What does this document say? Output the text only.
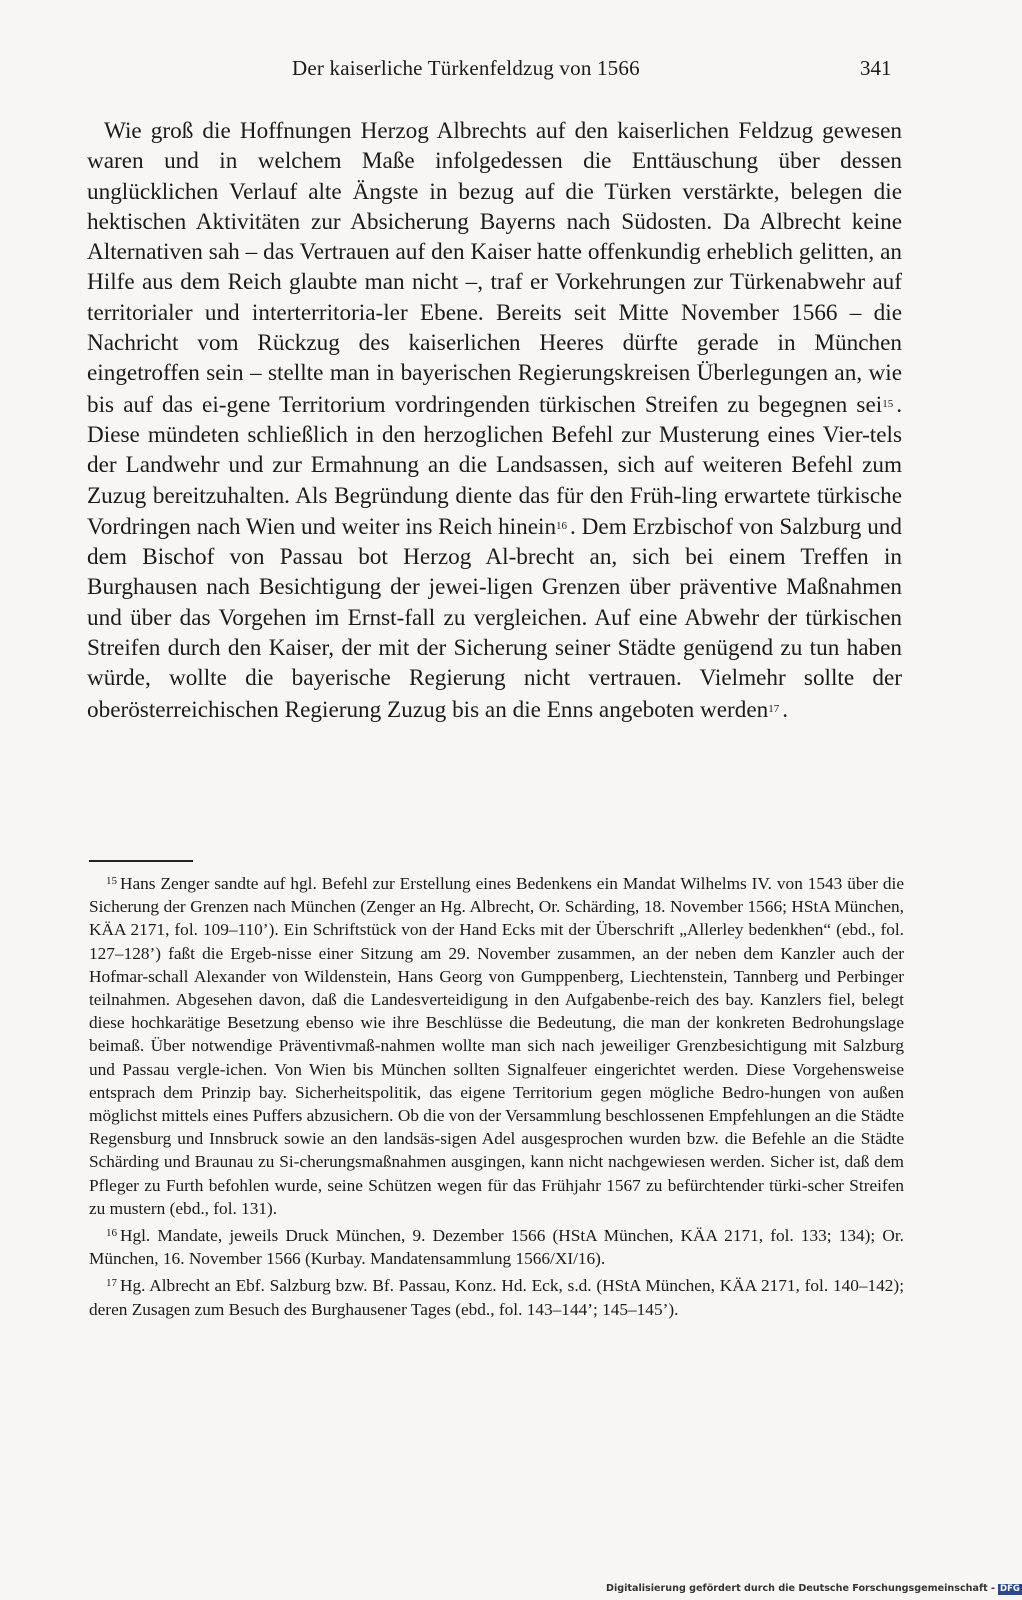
Der kaiserliche Türkenfeldzug von 1566	341

Wie groß die Hoffnungen Herzog Albrechts auf den kaiserlichen Feldzug gewesen waren und in welchem Maße infolgedessen die Enttäuschung über dessen unglücklichen Verlauf alte Ängste in bezug auf die Türken verstärkte, belegen die hektischen Aktivitäten zur Absicherung Bayerns nach Südosten. Da Albrecht keine Alternativen sah – das Vertrauen auf den Kaiser hatte offenkundig erheblich gelitten, an Hilfe aus dem Reich glaubte man nicht –, traf er Vorkehrungen zur Türkenabwehr auf territorialer und interterritoria-ler Ebene. Bereits seit Mitte November 1566 – die Nachricht vom Rückzug des kaiserlichen Heeres dürfte gerade in München eingetroffen sein – stellte man in bayerischen Regierungskreisen Überlegungen an, wie bis auf das ei-gene Territorium vordringenden türkischen Streifen zu begegnen sei$^{15}$ . Diese mündeten schließlich in den herzoglichen Befehl zur Musterung eines Vier-tels der Landwehr und zur Ermahnung an die Landsassen, sich auf weiteren Befehl zum Zuzug bereitzuhalten. Als Begründung diente das für den Früh-ling erwartete türkische Vordringen nach Wien und weiter ins Reich hinein$^{16}$ . Dem Erzbischof von Salzburg und dem Bischof von Passau bot Herzog Al-brecht an, sich bei einem Treffen in Burghausen nach Besichtigung der jewei-ligen Grenzen über präventive Maßnahmen und über das Vorgehen im Ernst-fall zu vergleichen. Auf eine Abwehr der türkischen Streifen durch den Kaiser, der mit der Sicherung seiner Städte genügend zu tun haben würde, wollte die bayerische Regierung nicht vertrauen. Vielmehr sollte der oberösterreichischen Regierung Zuzug bis an die Enns angeboten werden$^{17}$ .

$^{15}$ Hans Zenger sandte auf hgl. Befehl zur Erstellung eines Bedenkens ein Mandat Wilhelms IV. von 1543 über die Sicherung der Grenzen nach München (Zenger an Hg. Albrecht, Or. Schärding, 18. November 1566; HStA München, KÄA 2171, fol. 109–110’). Ein Schriftstück von der Hand Ecks mit der Überschrift „Allerley bedenkhen“ (ebd., fol. 127–128’) faßt die Ergeb-nisse einer Sitzung am 29. November zusammen, an der neben dem Kanzler auch der Hofmar-schall Alexander von Wildenstein, Hans Georg von Gumppenberg, Liechtenstein, Tannberg und Perbinger teilnahmen. Abgesehen davon, daß die Landesverteidigung in den Aufgabenbe-reich des bay. Kanzlers fiel, belegt diese hochkarätige Besetzung ebenso wie ihre Beschlüsse die Bedeutung, die man der konkreten Bedrohungslage beimaß. Über notwendige Präventivmaß-nahmen wollte man sich nach jeweiliger Grenzbesichtigung mit Salzburg und Passau vergle-ichen. Von Wien bis München sollten Signalfeuer eingerichtet werden. Diese Vorgehensweise entsprach dem Prinzip bay. Sicherheitspolitik, das eigene Territorium gegen mögliche Bedro-hungen von außen möglichst mittels eines Puffers abzusichern. Ob die von der Versammlung beschlossenen Empfehlungen an die Städte Regensburg und Innsbruck sowie an den landsäs-sigen Adel ausgesprochen wurden bzw. die Befehle an die Städte Schärding und Braunau zu Si-cherungsmaßnahmen ausgingen, kann nicht nachgewiesen werden. Sicher ist, daß dem Pfleger zu Furth befohlen wurde, seine Schützen wegen für das Frühjahr 1567 zu befürchtender türki-scher Streifen zu mustern (ebd., fol. 131).

$^{16}$ Hgl. Mandate, jeweils Druck München, 9. Dezember 1566 (HStA München, KÄA 2171, fol. 133; 134); Or. München, 16. November 1566 (Kurbay. Mandatensammlung 1566/XI/16).

$^{17}$ Hg. Albrecht an Ebf. Salzburg bzw. Bf. Passau, Konz. Hd. Eck, s.d. (HStA München, KÄA 2171, fol. 140–142); deren Zusagen zum Besuch des Burghausener Tages (ebd., fol. 143–144’; 145–145’).

Digitalisierung gefördert durch die Deutsche Forschungsgemeinschaft - DFG
